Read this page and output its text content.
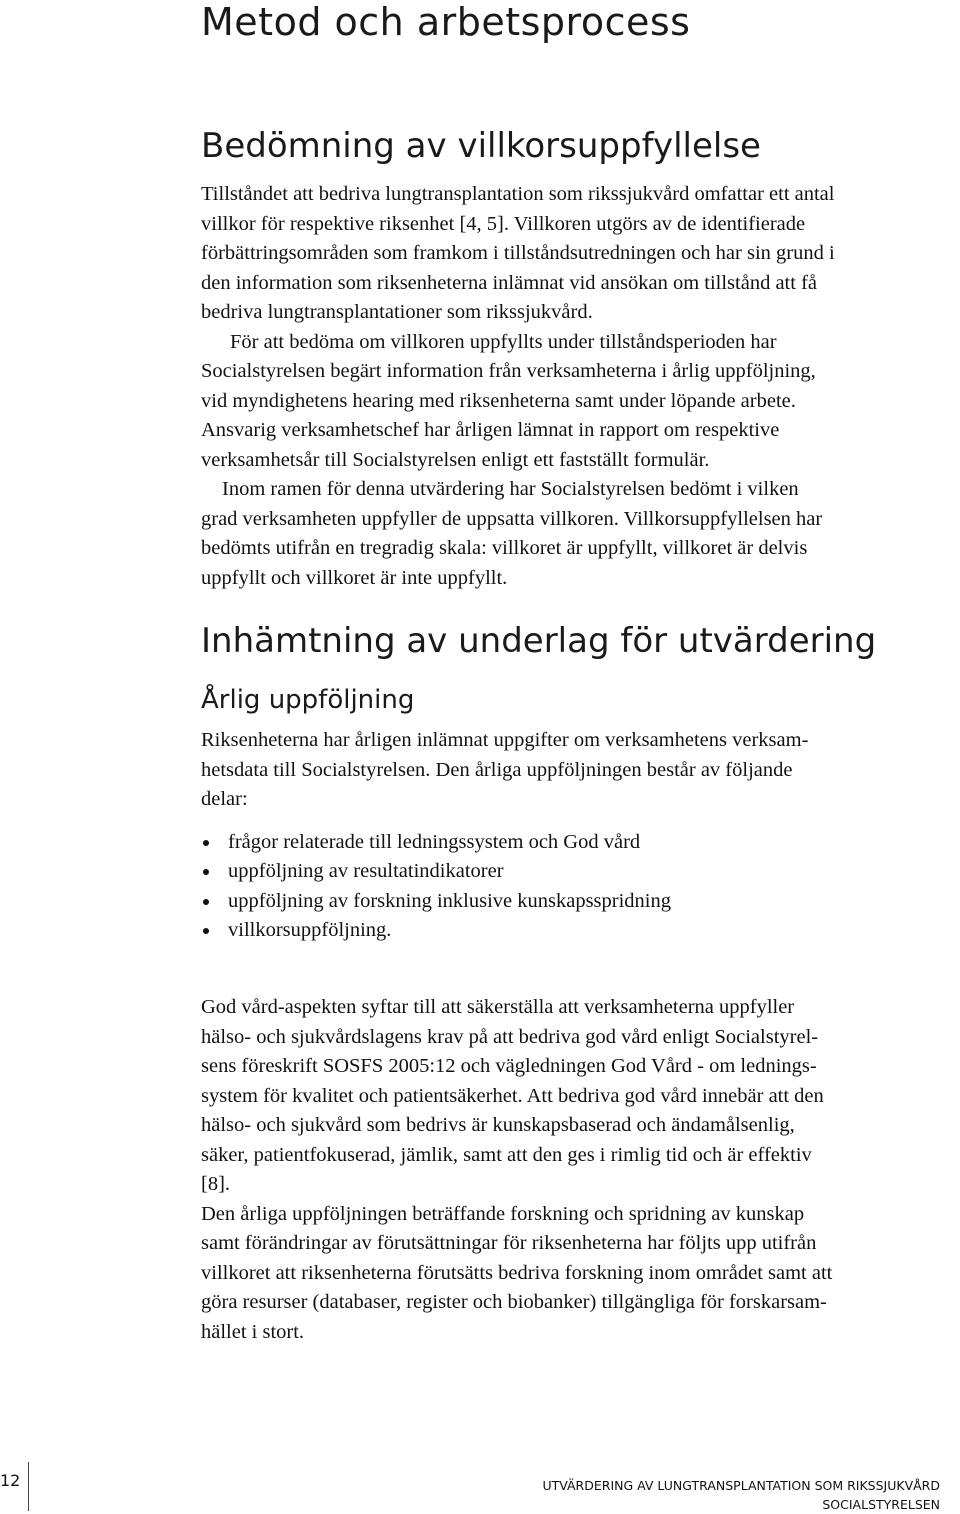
Metod och arbetsprocess
Bedömning av villkorsuppfyllelse
Tillståndet att bedriva lungtransplantation som rikssjukvård omfattar ett antal
villkor för respektive riksenhet [4, 5]. Villkoren utgörs av de identifierade
förbättringsområden som framkom i tillståndsutredningen och har sin grund i
den information som riksenheterna inlämnat vid ansökan om tillstånd att få
bedriva lungtransplantationer som rikssjukvård.
För att bedöma om villkoren uppfyllts under tillståndsperioden har
Socialstyrelsen begärt information från verksamheterna i årlig uppföljning,
vid myndighetens hearing med riksenheterna samt under löpande arbete.
Ansvarig verksamhetschef har årligen lämnat in rapport om respektive
verksamhetsår till Socialstyrelsen enligt ett fastställt formulär.
Inom ramen för denna utvärdering har Socialstyrelsen bedömt i vilken
grad verksamheten uppfyller de uppsatta villkoren. Villkorsuppfyllelsen har
bedömts utifrån en tregradig skala: villkoret är uppfyllt, villkoret är delvis
uppfyllt och villkoret är inte uppfyllt.
Inhämtning av underlag för utvärdering
Årlig uppföljning
Riksenheterna har årligen inlämnat uppgifter om verksamhetens verksam-
hetsdata till Socialstyrelsen. Den årliga uppföljningen består av följande
delar:
frågor relaterade till ledningssystem och God vård
uppföljning av resultatindikatorer
uppföljning av forskning inklusive kunskapsspridning
villkorsuppföljning.
God vård-aspekten syftar till att säkerställa att verksamheterna uppfyller
hälso- och sjukvårdslagens krav på att bedriva god vård enligt Socialstyrel-
sens föreskrift SOSFS 2005:12 och vägledningen God Vård - om lednings-
system för kvalitet och patientsäkerhet. Att bedriva god vård innebär att den
hälso- och sjukvård som bedrivs är kunskapsbaserad och ändamålsenlig,
säker, patientfokuserad, jämlik, samt att den ges i rimlig tid och är effektiv
[8].
Den årliga uppföljningen beträffande forskning och spridning av kunskap
samt förändringar av förutsättningar för riksenheterna har följts upp utifrån
villkoret att riksenheterna förutsätts bedriva forskning inom området samt att
göra resurser (databaser, register och biobanker) tillgängliga för forskarsam-
hället i stort.
12	UTVÄRDERING AV LUNGTRANSPLANTATION SOM RIKSSJUKVÅRD
SOCIALSTYRELSEN
